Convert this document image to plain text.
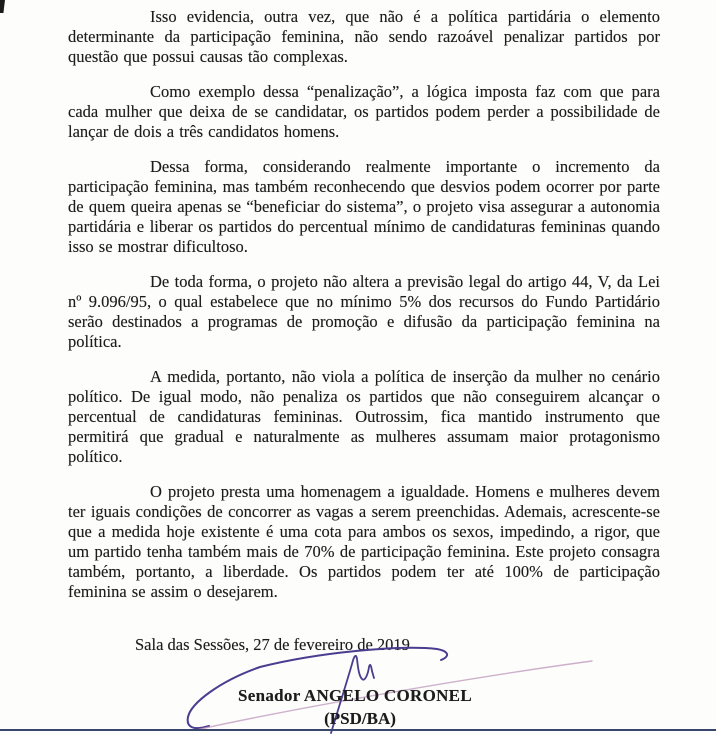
Isso evidencia, outra vez, que não é a política partidária o elemento determinante da participação feminina, não sendo razoável penalizar partidos por questão que possui causas tão complexas.

Como exemplo dessa “penalização”, a lógica imposta faz com que para cada mulher que deixa de se candidatar, os partidos podem perder a possibilidade de lançar de dois a três candidatos homens.

Dessa forma, considerando realmente importante o incremento da participação feminina, mas também reconhecendo que desvios podem ocorrer por parte de quem queira apenas se “beneficiar do sistema”, o projeto visa assegurar a autonomia partidária e liberar os partidos do percentual mínimo de candidaturas femininas quando isso se mostrar dificultoso.

De toda forma, o projeto não altera a previsão legal do artigo 44, V, da Lei nº 9.096/95, o qual estabelece que no mínimo 5% dos recursos do Fundo Partidário serão destinados a programas de promoção e difusão da participação feminina na política.

A medida, portanto, não viola a política de inserção da mulher no cenário político. De igual modo, não penaliza os partidos que não conseguirem alcançar o percentual de candidaturas femininas. Outrossim, fica mantido instrumento que permitirá que gradual e naturalmente as mulheres assumam maior protagonismo político.

O projeto presta uma homenagem a igualdade. Homens e mulheres devem ter iguais condições de concorrer as vagas a serem preenchidas. Ademais, acrescente-se que a medida hoje existente é uma cota para ambos os sexos, impedindo, a rigor, que um partido tenha também mais de 70% de participação feminina. Este projeto consagra também, portanto, a liberdade. Os partidos podem ter até 100% de participação feminina se assim o desejarem.

Sala das Sessões, 27 de fevereiro de 2019
Senador ANGELO CORONEL
(PSD/BA)
